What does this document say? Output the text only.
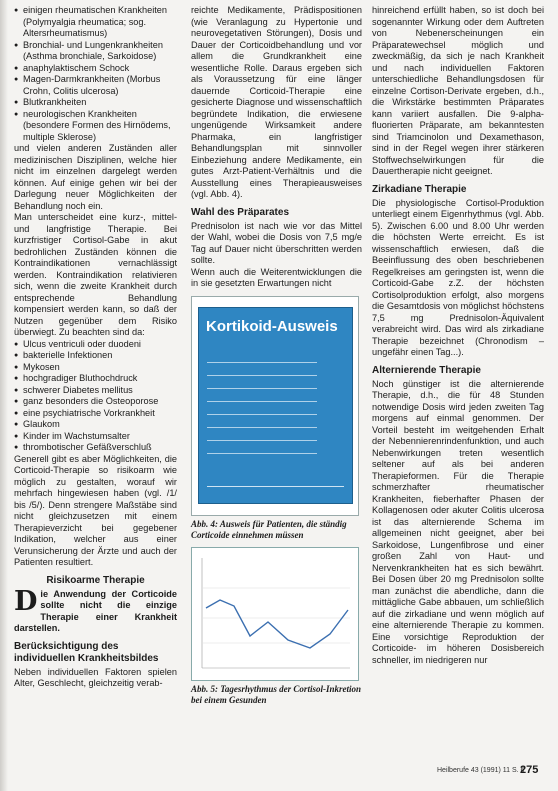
● einigen rheumatischen Krankheiten (Polymyalgia rheumatica; sog. Altersrheumatismus)
● Bronchial- und Lungenkrankheiten (Asthma bronchiale, Sarkoidose)
● anaphylaktischem Schock
● Magen-Darmkrankheiten (Morbus Crohn, Colitis ulcerosa)
● Blutkrankheiten
● neurologischen Krankheiten (besondere Formen des Hirnödems, multiple Sklerose)

und vielen anderen Zuständen aller medizinischen Disziplinen, welche hier nicht im einzelnen dargelegt werden können. Auf einige gehen wir bei der Darlegung neuer Möglichkeiten der Behandlung noch ein.

Man unterscheidet eine kurz-, mittel- und langfristige Therapie. Bei kurzfristiger Cortisol-Gabe in akut bedrohlichen Zuständen können die Kontraindikationen vernachlässigt werden. Kontraindikation relativieren sich, wenn die zweite Krankheit durch entsprechende Behandlung kompensiert werden kann, so daß der Nutzen gegenüber dem Risiko überwiegt. Zu beachten sind da:

● Ulcus ventriculi oder duodeni
● bakterielle Infektionen
● Mykosen
● hochgradiger Bluthochdruck
● schwerer Diabetes mellitus
● ganz besonders die Osteoporose
● eine psychiatrische Vorkrankheit
● Glaukom
● Kinder im Wachstumsalter
● thrombotischer Gefäßverschluß

Generell gibt es aber Möglichkeiten, die Corticoid-Therapie so risikoarm wie möglich zu gestalten, worauf wir mehrfach hingewiesen haben (vgl. /1/ bis /5/). Denn strengere Maßstäbe sind nicht gleichzusetzen mit einem Therapieverzicht bei gegebener Indikation, welcher aus einer Verunsicherung der Ärzte und auch der Patienten resultiert.

Risikoarme Therapie

Die Anwendung der Corticoide sollte nicht die einzige Therapie einer Krankheit darstellen.

Berücksichtigung des individuellen Krankheitsbildes

Neben individuellen Faktoren spielen Alter, Geschlecht, gleichzeitig verab-

reichte Medikamente, Prädispositionen (wie Veranlagung zu Hypertonie und neurovegetativen Störungen), Dosis und Dauer der Corticoidbehandlung und vor allem die Grundkrankheit eine wesentliche Rolle. Daraus ergeben sich als Voraussetzung für eine länger dauernde Corticoid-Therapie eine gesicherte Diagnose und wissenschaftlich begründete Indikation, die erwiesene ungenügende Wirksamkeit andere Pharmaka, ein langfristiger Behandlungsplan mit sinnvoller Einbeziehung andere Medikamente, ein gutes Arzt-Patient-Verhältnis und die Ausstellung eines Therapieausweises (vgl. Abb. 4).

Wahl des Präparates

Prednisolon ist nach wie vor das Mittel der Wahl, wobei die Dosis von 7,5 mg/e Tag auf Dauer nicht überschritten werden sollte.

Wenn auch die Weiterentwicklungen die in sie gesetzten Erwartungen nicht

Kortikoid-Ausweis
Abb. 4: Ausweis für Patienten, die ständig Corticoide einnehmen müssen
Abb. 5: Tagesrhythmus der Cortisol-Inkretion bei einem Gesunden

hinreichend erfüllt haben, so ist doch bei sogenannter Wirkung oder dem Auftreten von Nebenerscheinungen ein Präparatewechsel möglich und zweckmäßig, da sich je nach Krankheit und nach individuellen Faktoren unterschiedliche Behandlungsdosen für einzelne Cortison-Derivate ergeben, d.h., die Wirkstärke bestimmten Präparates kann variiert ausfallen. Die 9-alpha-fluorierten Präparate, am bekanntesten sind Triamcinolon und Dexamethason, sind in der Regel wegen ihrer stärkeren Stoffwechselwirkungen für die Dauertherapie nicht geeignet.

Zirkadiane Therapie

Die physiologische Cortisol-Produktion unterliegt einem Eigenrhythmus (vgl. Abb. 5). Zwischen 6.00 und 8.00 Uhr werden die höchsten Werte erreicht. Es ist wissenschaftlich erwiesen, daß die Beeinflussung des oben beschriebenen Regelkreises am geringsten ist, wenn die Corticoid-Gabe z.Z. der höchsten Cortisolproduktion erfolgt, also morgens die Gesamtdosis von möglichst höchstens 7,5 mg Prednisolon-Äquivalent verabreicht wird. Das wird als zirkadiane Therapie bezeichnet (Chronodism – ungefähr einen Tag...).

Alternierende Therapie

Noch günstiger ist die alternierende Therapie, d.h., die für 48 Stunden notwendige Dosis wird jeden zweiten Tag morgens auf einmal genommen. Der Vorteil besteht im weitgehenden Erhalt der Nebennierenrindenfunktion, und auch Nebenwirkungen treten wesentlich seltener auf als bei anderen Therapieformen. Für die Therapie schmerzhafter rheumatischer Krankheiten, fieberhafter Phasen der Kollagenosen oder akuter Colitis ulcerosa ist das alternierende Schema im allgemeinen nicht geeignet, aber bei Sarkoidose, Lungenfibrose und einer großen Zahl von Haut- und Nervenkrankheiten hat es sich bewährt. Bei Dosen über 20 mg Prednisolon sollte man zunächst die abendliche, dann die mittägliche Gabe abbauen, um schließlich auf die zirkadiane und wenn möglich auf eine alternierende Therapie zu kommen. Eine vorsichtige Reproduktion der Corticoide- im höheren Dosisbereich schneller, im niedrigeren nur

Heilberufe 43 (1991) 11 S. 6
275
